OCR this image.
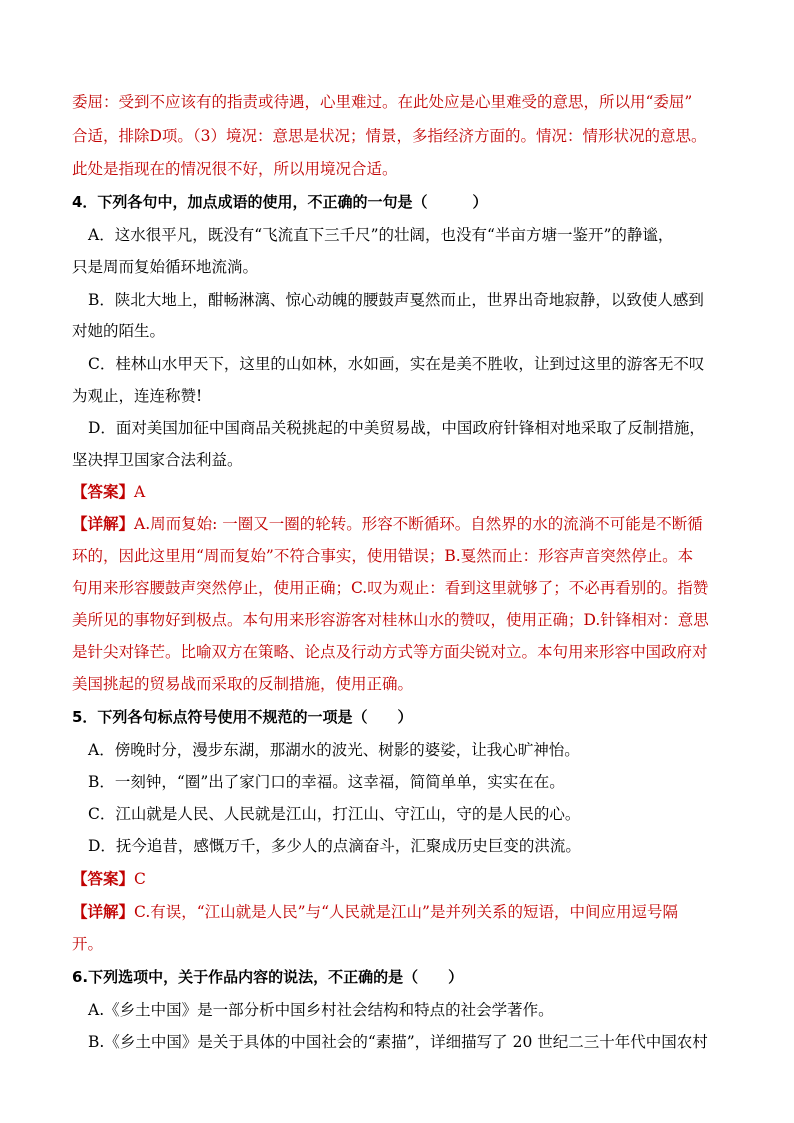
委屈：受到不应该有的指责或待遇，心里难过。在此处应是心里难受的意思，所以用“委屈”
合适，排除D项。（3）境况：意思是状况；情景，多指经济方面的。情况：情形状况的意思。
此处是指现在的情况很不好，所以用境况合适。
4．下列各句中，加点成语的使用，不正确的一句是（　　　）
A．这水很平凡，既没有“飞流直下三千尺”的壮阔，也没有“半亩方塘一鉴开”的静谧，
只是周而复始循环地流淌。
B．陕北大地上，酣畅淋漓、惊心动魄的腰鼓声戛然而止，世界出奇地寂静，以致使人感到
对她的陌生。
C．桂林山水甲天下，这里的山如林，水如画，实在是美不胜收，让到过这里的游客无不叹
为观止，连连称赞!
D．面对美国加征中国商品关税挑起的中美贸易战，中国政府针锋相对地采取了反制措施，
坚决捍卫国家合法利益。
【答案】A
【详解】A.周而复始: 一圈又一圈的轮转。形容不断循环。自然界的水的流淌不可能是不断循
环的，因此这里用“周而复始”不符合事实，使用错误；B.戛然而止：形容声音突然停止。本
句用来形容腰鼓声突然停止，使用正确；C.叹为观止：看到这里就够了；不必再看别的。指赞
美所见的事物好到极点。本句用来形容游客对桂林山水的赞叹，使用正确；D.针锋相对：意思
是针尖对锋芒。比喻双方在策略、论点及行动方式等方面尖锐对立。本句用来形容中国政府对
美国挑起的贸易战而采取的反制措施，使用正确。
5．下列各句标点符号使用不规范的一项是（　　）
A．傍晚时分，漫步东湖，那湖水的波光、树影的婆娑，让我心旷神怡。
B．一刻钟，“圈”出了家门口的幸福。这幸福，简简单单，实实在在。
C．江山就是人民、人民就是江山，打江山、守江山，守的是人民的心。
D．抚今追昔，感慨万千，多少人的点滴奋斗，汇聚成历史巨变的洪流。
【答案】C
【详解】C.有误，“江山就是人民”与“人民就是江山”是并列关系的短语，中间应用逗号隔
开。
6.下列选项中，关于作品内容的说法，不正确的是（　　）
A.《乡土中国》是一部分析中国乡村社会结构和特点的社会学著作。
B.《乡土中国》是关于具体的中国社会的“素描”，详细描写了 20 世纪二三十年代中国农村
